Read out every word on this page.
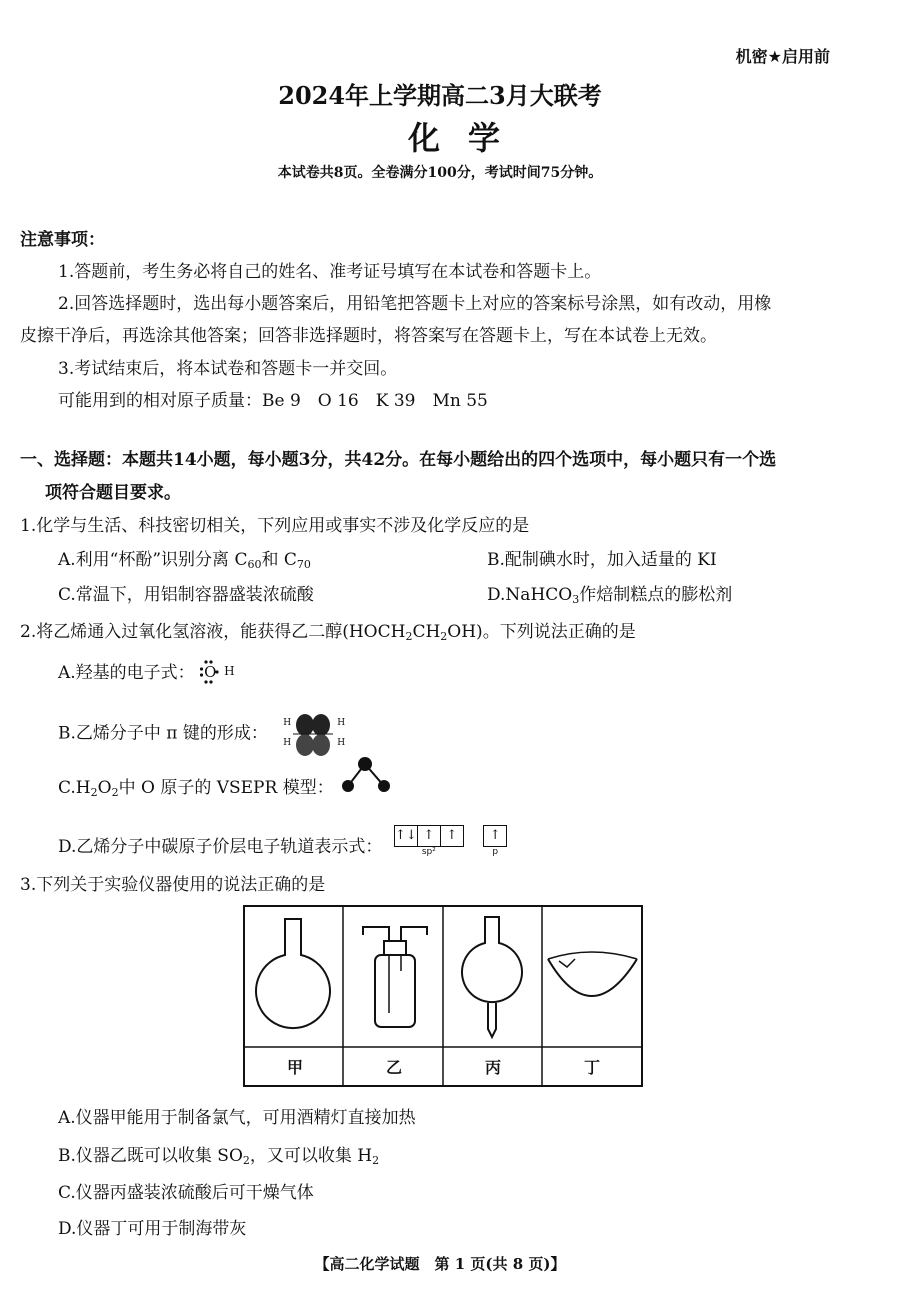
机密★启用前
2024年上学期高二3月大联考
化学
本试卷共8页。全卷满分100分，考试时间75分钟。
注意事项：
1.答题前，考生务必将自己的姓名、准考证号填写在本试卷和答题卡上。
2.回答选择题时，选出每小题答案后，用铅笔把答题卡上对应的答案标号涂黑，如有改动，用橡
皮擦干净后，再选涂其他答案；回答非选择题时，将答案写在答题卡上，写在本试卷上无效。
3.考试结束后，将本试卷和答题卡一并交回。
可能用到的相对原子质量：Be 9　O 16　K 39　Mn 55
一、选择题：本题共14小题，每小题3分，共42分。在每小题给出的四个选项中，每小题只有一个选
项符合题目要求。
1.化学与生活、科技密切相关，下列应用或事实不涉及化学反应的是
A.利用“杯酚”识别分离 $C_{60}$和 $C_{70}$	B.配制碘水时，加入适量的 KI
C.常温下，用铝制容器盛装浓硫酸	D.NaHCO$_3$作焙制糕点的膨松剂
2.将乙烯通入过氧化氢溶液，能获得乙二醇$(HOCH_2CH_2OH)$。下列说法正确的是
A.羟基的电子式： O H
B.乙烯分子中 π 键的形成：
H
H
H
H
$C.H_2O_2$中 O 原子的 VSEPR 模型：
D.乙烯分子中碳原子价层电子轨道表示式：
↑↓ ↑ ↑
sp²

↑
p
3.下列关于实验仪器使用的说法正确的是
甲	乙	丙	丁
A.仪器甲能用于制备氯气，可用酒精灯直接加热
B.仪器乙既可以收集 $SO_2$，又可以收集 $H_2$
C.仪器丙盛装浓硫酸后可干燥气体
D.仪器丁可用于制海带灰
【高二化学试题　第 1 页(共 8 页)】
